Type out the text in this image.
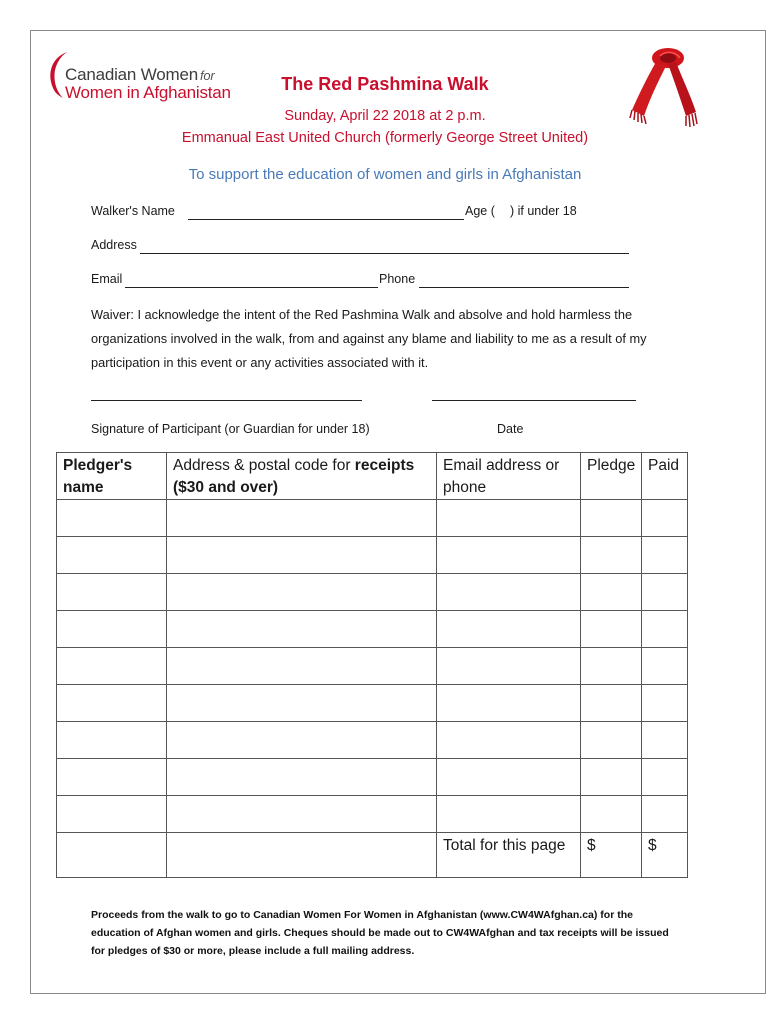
Canadian Women for
Women in Afghanistan	The Red Pashmina Walk
Sunday, April 22 2018 at 2 p.m.
Emmanual East United Church (formerly George Street United)
To support the education of women and girls in Afghanistan
Walker's Name	Age ( ) if under 18
Address
Email	Phone
Waiver: I acknowledge the intent of the Red Pashmina Walk and absolve and hold harmless the organizations involved in the walk, from and against any blame and liability to me as a result of my participation in this event or any activities associated with it.
Signature of Participant (or Guardian for under 18)	Date
Pledger's name	Address & postal code for receipts ($30 and over)	Email address or phone	Pledge	Paid

		Total for this page	$	$
Proceeds from the walk to go to Canadian Women For Women in Afghanistan (www.CW4WAfghan.ca) for the education of Afghan women and girls. Cheques should be made out to CW4WAfghan and tax receipts will be issued for pledges of $30 or more, please include a full mailing address.
